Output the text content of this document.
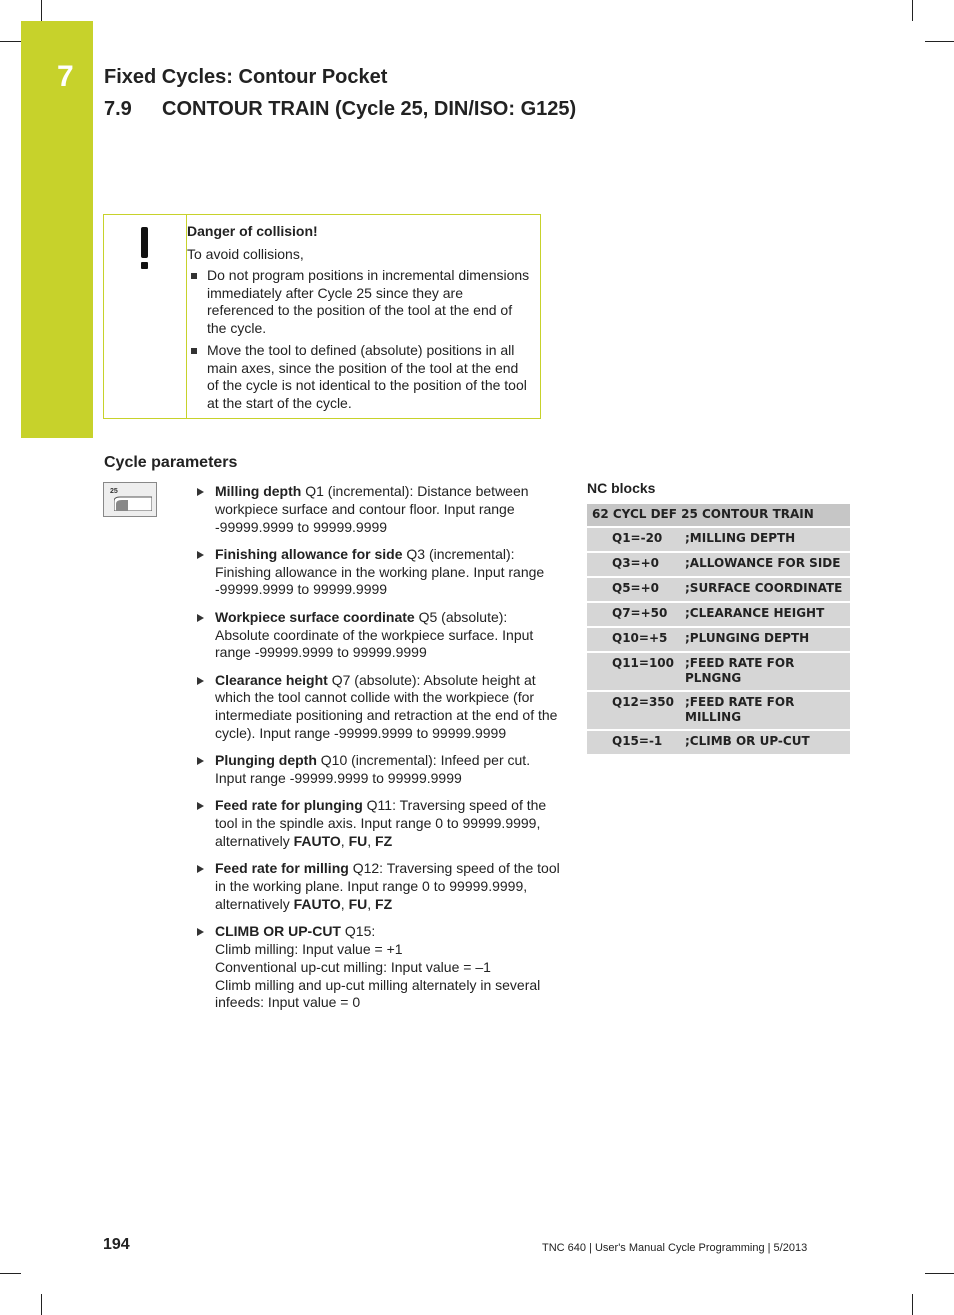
7 Fixed Cycles: Contour Pocket
7.9 CONTOUR TRAIN (Cycle 25, DIN/ISO: G125)
Danger of collision!
To avoid collisions,
Do not program positions in incremental dimensions immediately after Cycle 25 since they are referenced to the position of the tool at the end of the cycle.
Move the tool to defined (absolute) positions in all main axes, since the position of the tool at the end of the cycle is not identical to the position of the tool at the start of the cycle.
Cycle parameters
25	Milling depth Q1 (incremental): Distance between workpiece surface and contour floor. Input range -99999.9999 to 99999.9999
Finishing allowance for side Q3 (incremental): Finishing allowance in the working plane. Input range -99999.9999 to 99999.9999
Workpiece surface coordinate Q5 (absolute): Absolute coordinate of the workpiece surface. Input range -99999.9999 to 99999.9999
Clearance height Q7 (absolute): Absolute height at which the tool cannot collide with the workpiece (for intermediate positioning and retraction at the end of the cycle). Input range -99999.9999 to 99999.9999
Plunging depth Q10 (incremental): Infeed per cut. Input range -99999.9999 to 99999.9999
Feed rate for plunging Q11: Traversing speed of the tool in the spindle axis. Input range 0 to 99999.9999, alternatively FAUTO, FU, FZ
Feed rate for milling Q12: Traversing speed of the tool in the working plane. Input range 0 to 99999.9999, alternatively FAUTO, FU, FZ
CLIMB OR UP-CUT Q15:
Climb milling: Input value = +1
Conventional up-cut milling: Input value = –1
Climb milling and up-cut milling alternately in several infeeds: Input value = 0
NC blocks
62 CYCL DEF 25 CONTOUR TRAIN	
Q1=-20	;MILLING DEPTH
Q3=+0	;ALLOWANCE FOR SIDE
Q5=+0	;SURFACE COORDINATE
Q7=+50	;CLEARANCE HEIGHT
Q10=+5	;PLUNGING DEPTH
Q11=100	;FEED RATE FOR PLNGNG
Q12=350	;FEED RATE FOR MILLING
Q15=-1	;CLIMB OR UP-CUT
194	TNC 640 | User's Manual Cycle Programming | 5/2013
